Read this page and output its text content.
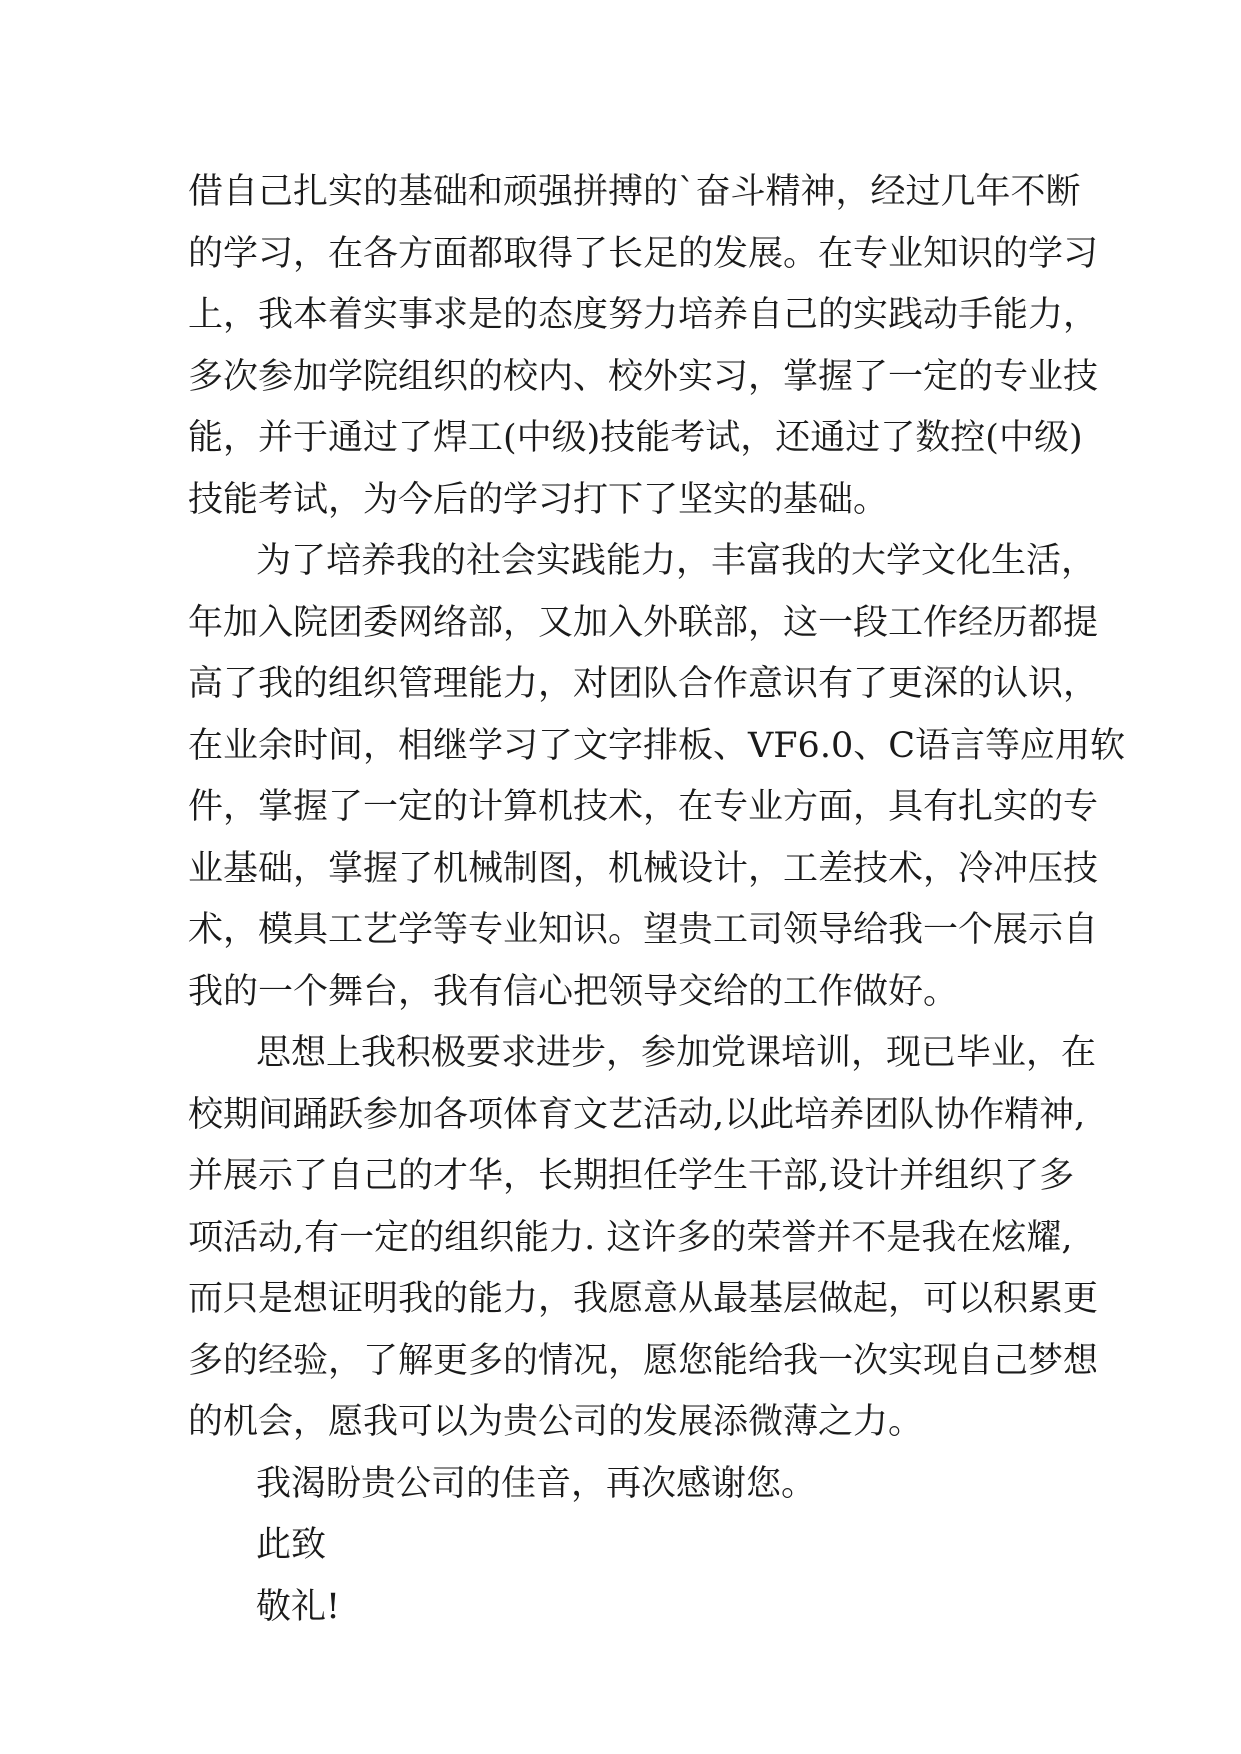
借自己扎实的基础和顽强拼搏的`奋斗精神，经过几年不断
的学习，在各方面都取得了长足的发展。在专业知识的学习
上，我本着实事求是的态度努力培养自己的实践动手能力，
多次参加学院组织的校内、校外实习，掌握了一定的专业技
能，并于通过了焊工(中级)技能考试，还通过了数控(中级)
技能考试，为今后的学习打下了坚实的基础。
为了培养我的社会实践能力，丰富我的大学文化生活，
年加入院团委网络部，又加入外联部，这一段工作经历都提
高了我的组织管理能力，对团队合作意识有了更深的认识，
在业余时间，相继学习了文字排板、VF6.0、C语言等应用软
件，掌握了一定的计算机技术，在专业方面，具有扎实的专
业基础，掌握了机械制图，机械设计，工差技术，冷冲压技
术，模具工艺学等专业知识。望贵工司领导给我一个展示自
我的一个舞台，我有信心把领导交给的工作做好。
思想上我积极要求进步，参加党课培训，现已毕业，在
校期间踊跃参加各项体育文艺活动,以此培养团队协作精神,
并展示了自己的才华，长期担任学生干部,设计并组织了多
项活动,有一定的组织能力. 这许多的荣誉并不是我在炫耀,
而只是想证明我的能力，我愿意从最基层做起，可以积累更
多的经验，了解更多的情况，愿您能给我一次实现自己梦想
的机会，愿我可以为贵公司的发展添微薄之力。
我渴盼贵公司的佳音，再次感谢您。
此致
敬礼!
